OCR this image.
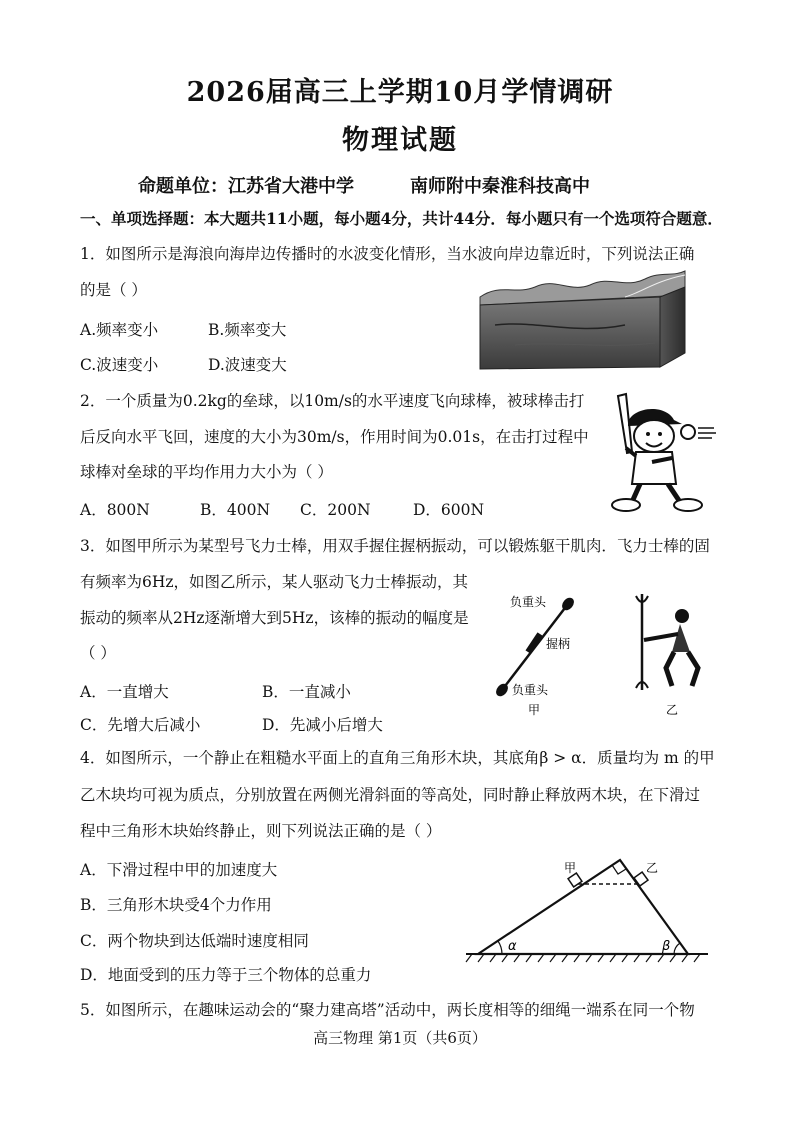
2026届高三上学期10月学情调研
物理试题
命题单位：江苏省大港中学	南师附中秦淮科技高中
一、单项选择题：本大题共11小题，每小题4分，共计44分．每小题只有一个选项符合题意．
1．如图所示是海浪向海岸边传播时的水波变化情形，当水波向岸边靠近时，下列说法正确
的是（ ）
A.频率变小	B.频率变大
C.波速变小	D.波速变大
2．一个质量为0.2kg的垒球，以10m/s的水平速度飞向球棒，被球棒击打
后反向水平飞回，速度的大小为30m/s，作用时间为0.01s，在击打过程中
球棒对垒球的平均作用力大小为（ ）
A．800N	B．400N C．200N	D．600N
3．如图甲所示为某型号飞力士棒，用双手握住握柄振动，可以锻炼躯干肌肉．飞力士棒的固
有频率为6Hz，如图乙所示，某人驱动飞力士棒振动，其
振动的频率从2Hz逐渐增大到5Hz，该棒的振动的幅度是
（ ）
A．一直增大	B．一直减小
C．先增大后减小	D．先减小后增大
负重头
握柄
负重头
甲	乙
4．如图所示，一个静止在粗糙水平面上的直角三角形木块，其底角β > α．质量均为 m 的甲
乙木块均可视为质点，分别放置在两侧光滑斜面的等高处，同时静止释放两木块，在下滑过
程中三角形木块始终静止，则下列说法正确的是（ ）
A．下滑过程中甲的加速度大
B．三角形木块受4个力作用
C．两个物块到达低端时速度相同
D．地面受到的压力等于三个物体的总重力
甲	乙
α	β
5．如图所示，在趣味运动会的“聚力建高塔”活动中，两长度相等的细绳一端系在同一个物
高三物理 第1页（共6页）
